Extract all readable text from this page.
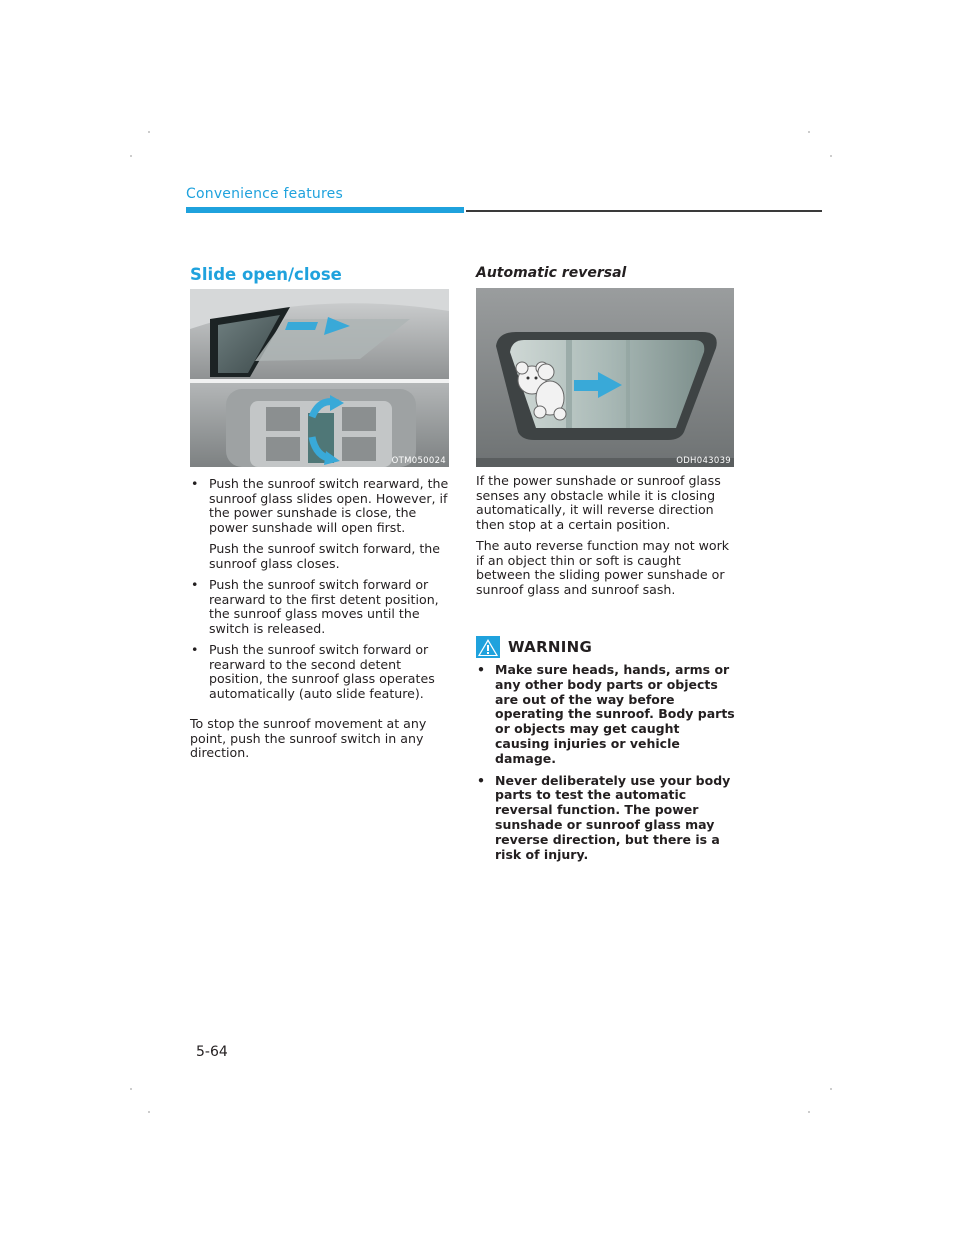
Convenience features
Slide open/close
OTM050024

• Push the sunroof switch rearward, the sunroof glass slides open. However, if the power sunshade is close, the power sunshade will open first.

Push the sunroof switch forward, the sunroof glass closes.

• Push the sunroof switch forward or rearward to the first detent position, the sunroof glass moves until the switch is released.

• Push the sunroof switch forward or rearward to the second detent position, the sunroof glass operates automatically (auto slide feature).

To stop the sunroof movement at any point, push the sunroof switch in any direction.

Automatic reversal
ODH043039

If the power sunshade or sunroof glass senses any obstacle while it is closing automatically, it will reverse direction then stop at a certain position.

The auto reverse function may not work if an object thin or soft is caught between the sliding power sunshade or sunroof glass and sunroof sash.

WARNING

• Make sure heads, hands, arms or any other body parts or objects are out of the way before operating the sunroof. Body parts or objects may get caught causing injuries or vehicle damage.

• Never deliberately use your body parts to test the automatic reversal function. The power sunshade or sunroof glass may reverse direction, but there is a risk of injury.

5-64
